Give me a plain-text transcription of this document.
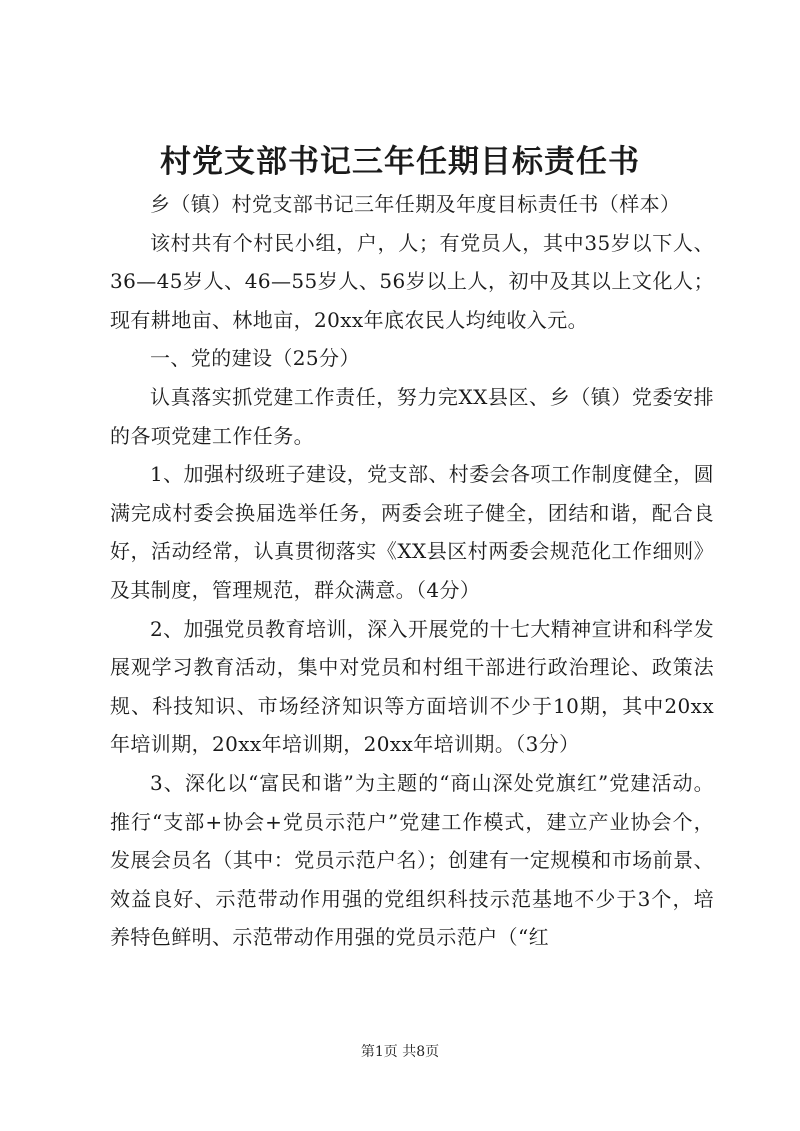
村党支部书记三年任期目标责任书

乡（镇）村党支部书记三年任期及年度目标责任书（样本）

该村共有个村民小组，户，人；有党员人，其中35岁以下人、36—45岁人、46—55岁人、56岁以上人，初中及其以上文化人；现有耕地亩、林地亩，20xx年底农民人均纯收入元。

一、党的建设（25分）

认真落实抓党建工作责任，努力完XX县区、乡（镇）党委安排的各项党建工作任务。

1、加强村级班子建设，党支部、村委会各项工作制度健全，圆满完成村委会换届选举任务，两委会班子健全，团结和谐，配合良好，活动经常，认真贯彻落实《XX县区村两委会规范化工作细则》及其制度，管理规范，群众满意。（4分）

2、加强党员教育培训，深入开展党的十七大精神宣讲和科学发展观学习教育活动，集中对党员和村组干部进行政治理论、政策法规、科技知识、市场经济知识等方面培训不少于10期，其中20xx年培训期，20xx年培训期，20xx年培训期。（3分）

3、深化以“富民和谐”为主题的“商山深处党旗红”党建活动。推行“支部+协会+党员示范户”党建工作模式，建立产业协会个，发展会员名（其中：党员示范户名）；创建有一定规模和市场前景、效益良好、示范带动作用强的党组织科技示范基地不少于3个，培养特色鲜明、示范带动作用强的党员示范户（“红

第1页 共8页
